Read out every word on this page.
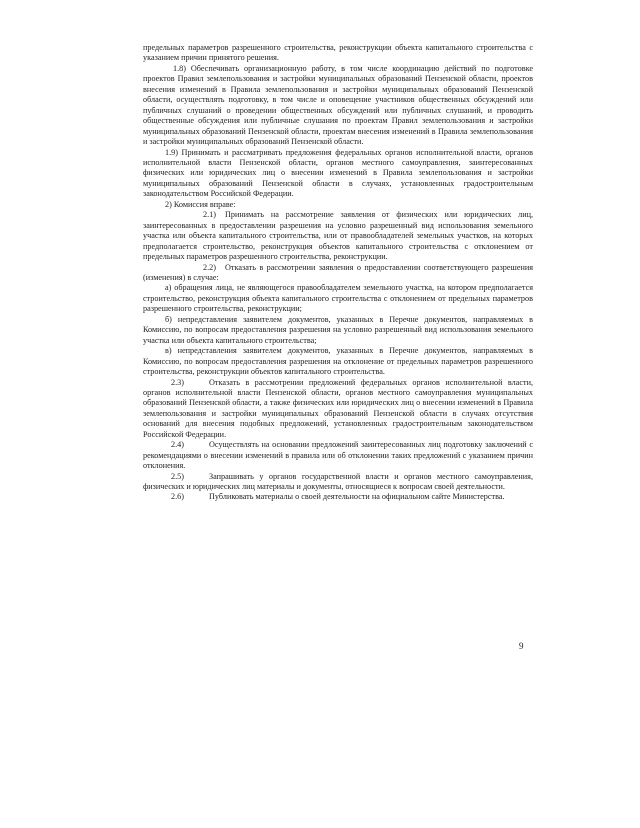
предельных параметров разрешенного строительства, реконструкции объекта капитального строительства с указанием причин принятого решения.

1.8) Обеспечивать организационную работу, в том числе координацию действий по подготовке проектов Правил землепользования и застройки муниципальных образований Пензенской области, проектов внесения изменений в Правила землепользования и застройки муниципальных образований Пензенской области, осуществлять подготовку, в том числе и оповещение участников общественных обсуждений или публичных слушаний о проведении общественных обсуждений или публичных слушаний, и проводить общественные обсуждения или публичные слушания по проектам Правил землепользования и застройки муниципальных образований Пензенской области, проектам внесения изменений в Правила землепользования и застройки муниципальных образований Пензенской области.

1.9) Принимать и рассматривать предложения федеральных органов исполнительной власти, органов исполнительной власти Пензенской области, органов местного самоуправления, заинтересованных физических или юридических лиц о внесении изменений в Правила землепользования и застройки муниципальных образований Пензенской области в случаях, установленных градостроительным законодательством Российской Федерации.

2) Комиссия вправе:

2.1) Принимать на рассмотрение заявления от физических или юридических лиц, заинтересованных в предоставлении разрешения на условно разрешенный вид использования земельного участка или объекта капитального строительства, или от правообладателей земельных участков, на которых предполагается строительство, реконструкция объектов капитального строительства с отклонением от предельных параметров разрешенного строительства, реконструкции.

2.2) Отказать в рассмотрении заявления о предоставлении соответствующего разрешения (изменения) в случае:

а) обращения лица, не являющегося правообладателем земельного участка, на котором предполагается строительство, реконструкция объекта капитального строительства с отклонением от предельных параметров разрешенного строительства, реконструкции;

б) непредставления заявителем документов, указанных в Перечне документов, направляемых в Комиссию, по вопросам предоставления разрешения на условно разрешенный вид использования земельного участка или объекта капитального строительства;

в) непредставления заявителем документов, указанных в Перечне документов, направляемых в Комиссию, по вопросам предоставления разрешения на отклонение от предельных параметров разрешенного строительства, реконструкции объектов капитального строительства.

2.3)	Отказать в рассмотрении предложений федеральных органов исполнительной власти, органов исполнительной власти Пензенской области, органов местного самоуправления муниципальных образований Пензенской области, а также физических или юридических лиц о внесении изменений в Правила землепользования и застройки муниципальных образований Пензенской области в случаях отсутствия оснований для внесения подобных предложений, установленных градостроительным законодательством Российской Федерации.

2.4)	Осуществлять на основании предложений заинтересованных лиц подготовку заключений с рекомендациями о внесении изменений в правила или об отклонении таких предложений с указанием причин отклонения.

2.5)	Запрашивать у органов государственной власти и органов местного самоуправления, физических и юридических лиц материалы и документы, относящиеся к вопросам своей деятельности.

2.6)	Публиковать материалы о своей деятельности на официальном сайте Министерства.

9
